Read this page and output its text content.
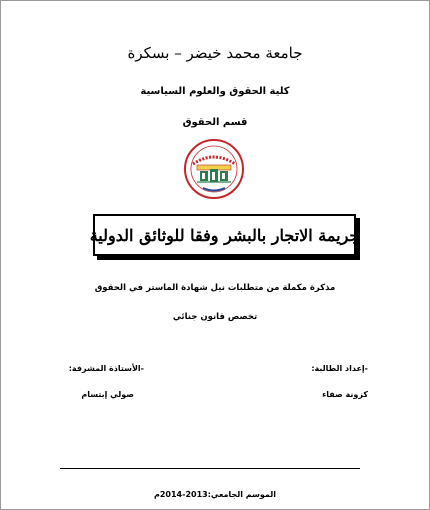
جامعة محمد خيضر – بسكرة
كلية الحقوق والعلوم السياسية
قسم الحقوق
جريمة الاتجار بالبشر وفقا للوثائق الدولية
مذكرة مكملة من متطلبات نيل شهادة الماستر في الحقوق
تخصص قانون جنائي
-إعداد الطالبة:
-الأستاذة المشرفة:
كزونة صفاء
صولي إبتسام
الموسم الجامعي:2013-2014م
